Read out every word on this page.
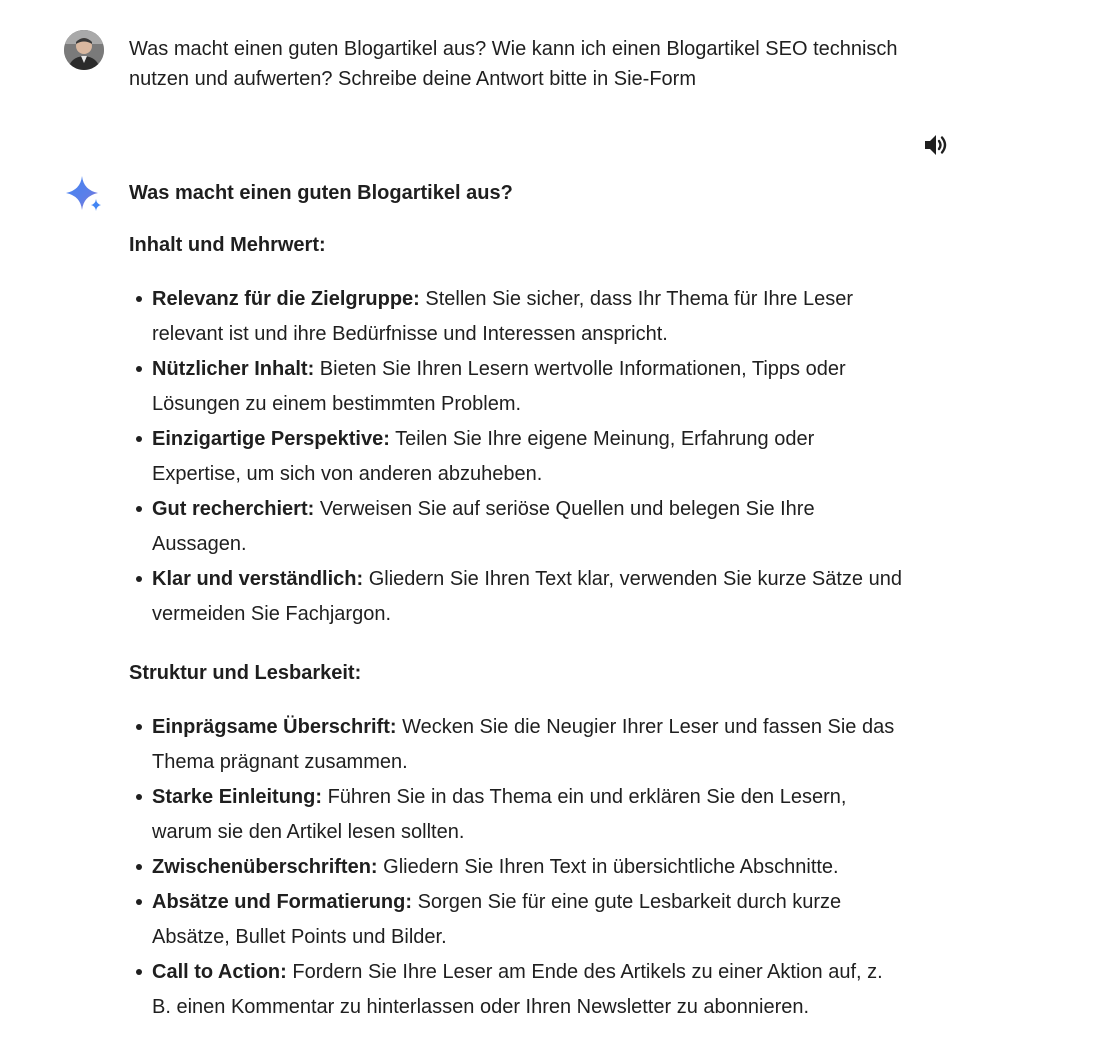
Was macht einen guten Blogartikel aus? Wie kann ich einen Blogartikel SEO technisch nutzen und aufwerten? Schreibe deine Antwort bitte in Sie-Form

Was macht einen guten Blogartikel aus?

Inhalt und Mehrwert:

Relevanz für die Zielgruppe: Stellen Sie sicher, dass Ihr Thema für Ihre Leser relevant ist und ihre Bedürfnisse und Interessen anspricht.
Nützlicher Inhalt: Bieten Sie Ihren Lesern wertvolle Informationen, Tipps oder Lösungen zu einem bestimmten Problem.
Einzigartige Perspektive: Teilen Sie Ihre eigene Meinung, Erfahrung oder Expertise, um sich von anderen abzuheben.
Gut recherchiert: Verweisen Sie auf seriöse Quellen und belegen Sie Ihre Aussagen.
Klar und verständlich: Gliedern Sie Ihren Text klar, verwenden Sie kurze Sätze und vermeiden Sie Fachjargon.

Struktur und Lesbarkeit:

Einprägsame Überschrift: Wecken Sie die Neugier Ihrer Leser und fassen Sie das Thema prägnant zusammen.
Starke Einleitung: Führen Sie in das Thema ein und erklären Sie den Lesern, warum sie den Artikel lesen sollten.
Zwischenüberschriften: Gliedern Sie Ihren Text in übersichtliche Abschnitte.
Absätze und Formatierung: Sorgen Sie für eine gute Lesbarkeit durch kurze Absätze, Bullet Points und Bilder.
Call to Action: Fordern Sie Ihre Leser am Ende des Artikels zu einer Aktion auf, z. B. einen Kommentar zu hinterlassen oder Ihren Newsletter zu abonnieren.
